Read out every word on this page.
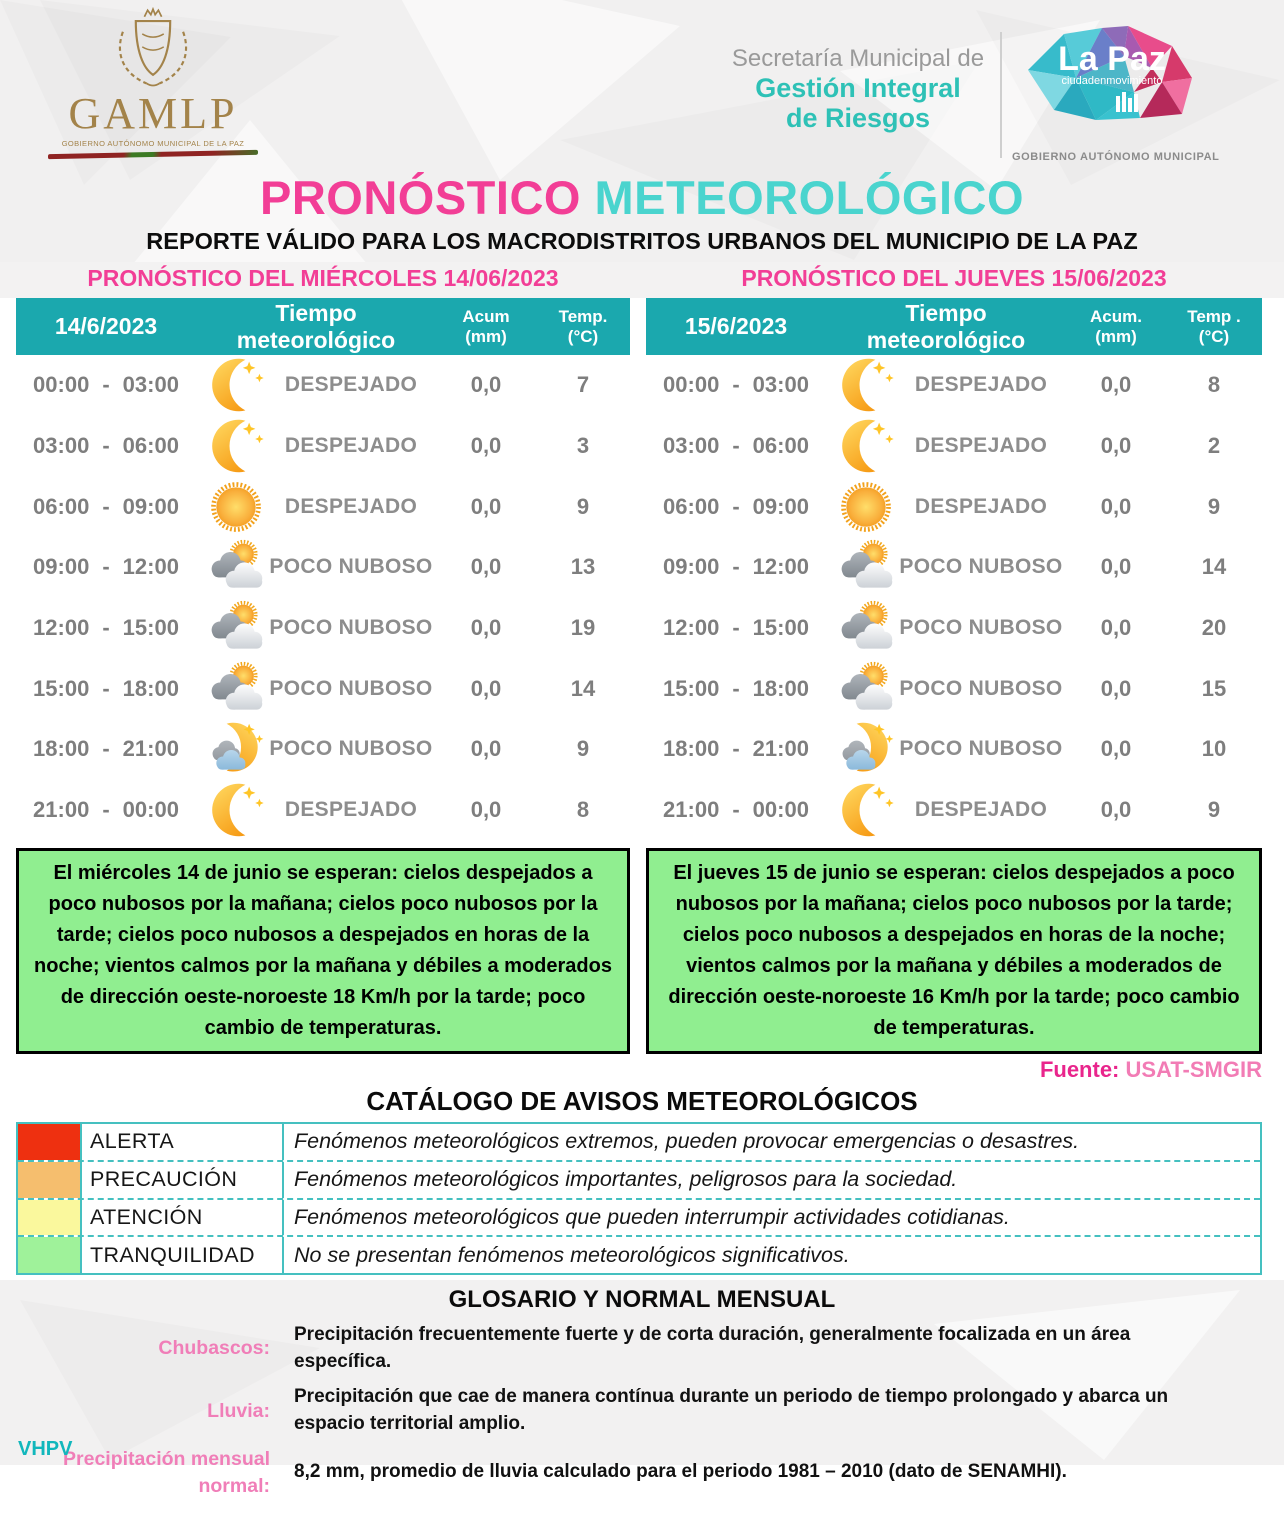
GAMLP
GOBIERNO AUTÓNOMO MUNICIPAL DE LA PAZ
Secretaría Municipal de
Gestión Integral
de Riesgos
La Paz
ciudadenmovimiento
GOBIERNO AUTÓNOMO MUNICIPAL
PRONÓSTICO METEOROLÓGICO
REPORTE VÁLIDO PARA LOS MACRODISTRITOS URBANOS DEL MUNICIPIO DE LA PAZ
PRONÓSTICO DEL MIÉRCOLES 14/06/2023	PRONÓSTICO DEL JUEVES 15/06/2023
14/6/2023
Tiempo meteorológico
Acum
(mm)
Temp.
(°C)
00:00 - 03:00	DESPEJADO	0,0	7
03:00 - 06:00	DESPEJADO	0,0	3
06:00 - 09:00	DESPEJADO	0,0	9
09:00 - 12:00	POCO NUBOSO	0,0	13
12:00 - 15:00	POCO NUBOSO	0,0	19
15:00 - 18:00	POCO NUBOSO	0,0	14
18:00 - 21:00	POCO NUBOSO	0,0	9
21:00 - 00:00	DESPEJADO	0,0	8
15/6/2023
Tiempo meteorológico
Acum.
(mm)
Temp .
(°C)
00:00 - 03:00	DESPEJADO	0,0	8
03:00 - 06:00	DESPEJADO	0,0	2
06:00 - 09:00	DESPEJADO	0,0	9
09:00 - 12:00	POCO NUBOSO	0,0	14
12:00 - 15:00	POCO NUBOSO	0,0	20
15:00 - 18:00	POCO NUBOSO	0,0	15
18:00 - 21:00	POCO NUBOSO	0,0	10
21:00 - 00:00	DESPEJADO	0,0	9
El miércoles 14 de junio se esperan: cielos despejados a poco nubosos por la mañana; cielos poco nubosos por la tarde; cielos poco nubosos a despejados en horas de la noche; vientos calmos por la mañana y débiles a moderados de dirección oeste-noroeste 18 Km/h por la tarde; poco cambio de temperaturas.
El jueves 15 de junio se esperan: cielos despejados a poco nubosos por la mañana; cielos poco nubosos por la tarde; cielos poco nubosos a despejados en horas de la noche; vientos calmos por la mañana y débiles a moderados de dirección oeste-noroeste 16 Km/h por la tarde; poco cambio de temperaturas.
Fuente: USAT-SMGIR
CATÁLOGO DE AVISOS METEOROLÓGICOS
ALERTA	Fenómenos meteorológicos extremos, pueden provocar emergencias o desastres.
PRECAUCIÓN	Fenómenos meteorológicos importantes, peligrosos para la sociedad.
ATENCIÓN	Fenómenos meteorológicos que pueden interrumpir actividades cotidianas.
TRANQUILIDAD	No se presentan fenómenos meteorológicos significativos.
GLOSARIO Y NORMAL MENSUAL
Chubascos:
Precipitación frecuentemente fuerte y de corta duración, generalmente focalizada en un área específica.
Lluvia:
Precipitación que cae de manera contínua durante un periodo de tiempo prolongado y abarca un espacio territorial amplio.
Precipitación mensual normal:
8,2 mm, promedio de lluvia calculado para el periodo 1981 – 2010 (dato de SENAMHI).
VHPV
